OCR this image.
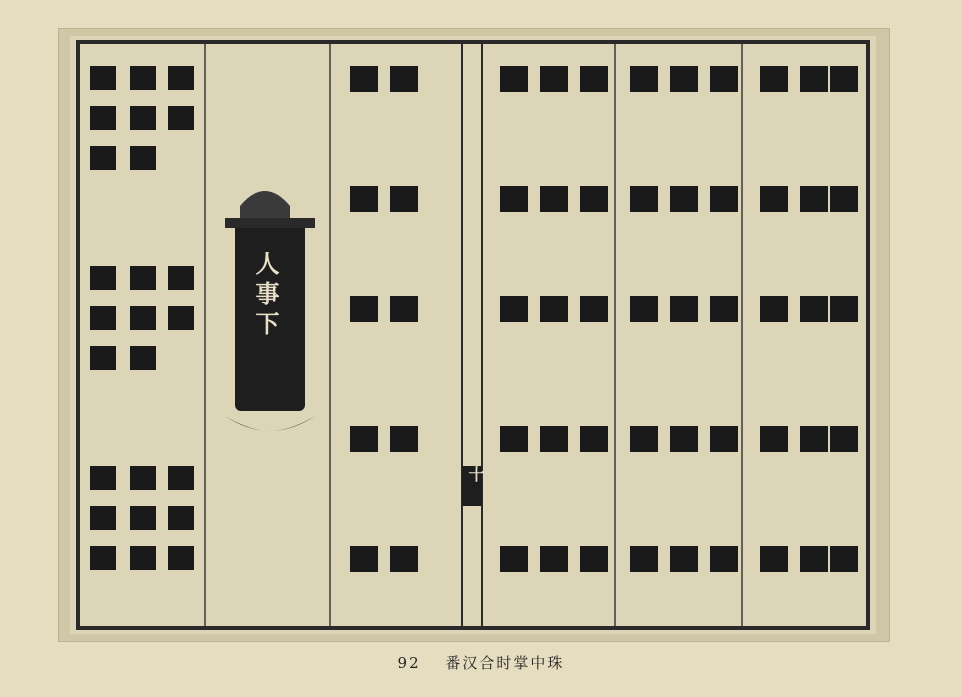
人事下
十
92 番汉合时掌中珠
